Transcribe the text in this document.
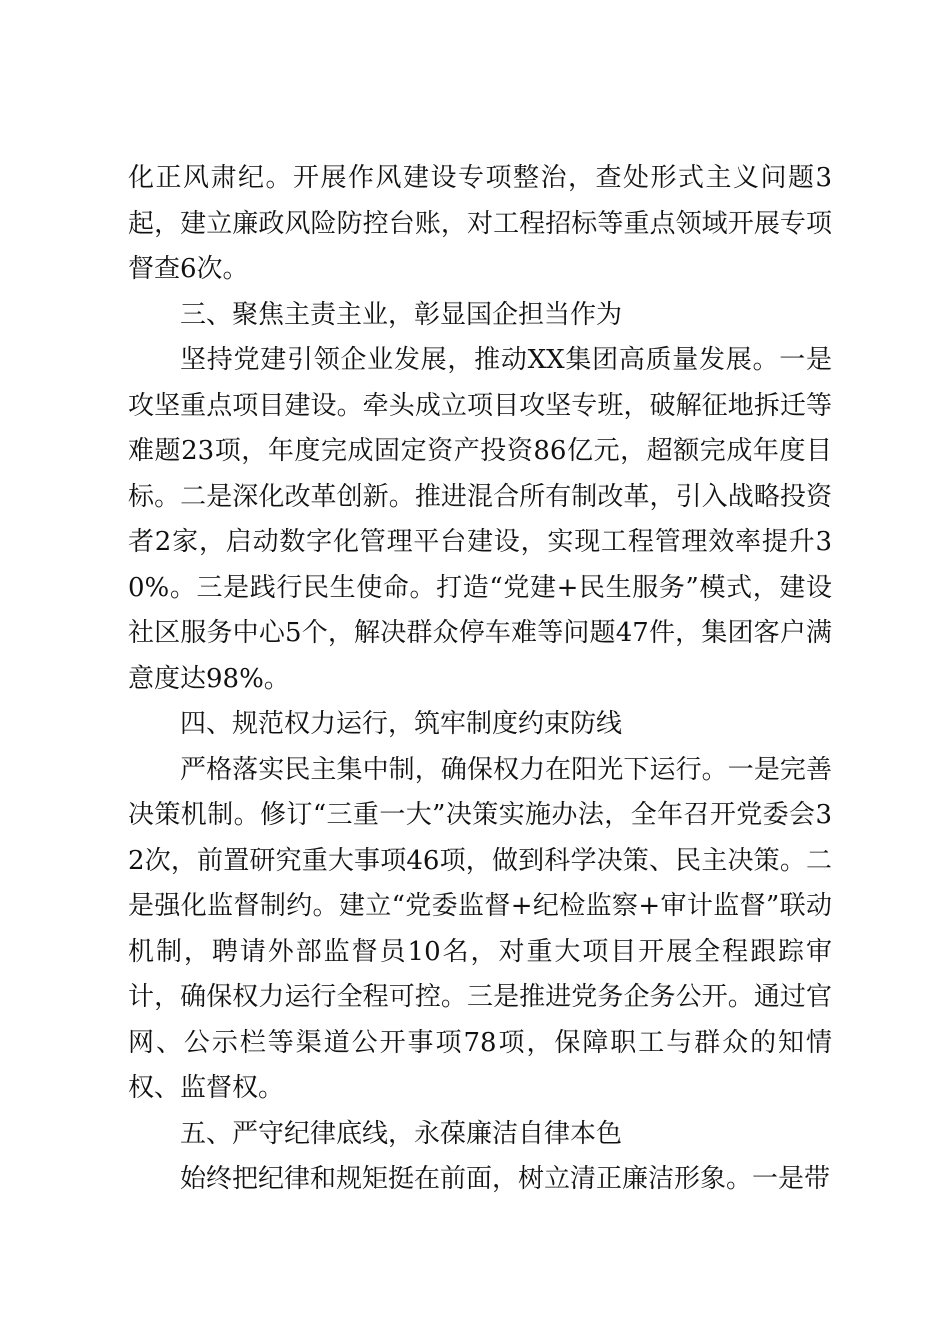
化正风肃纪。开展作风建设专项整治，查处形式主义问题3起，建立廉政风险防控台账，对工程招标等重点领域开展专项督查6次。

三、聚焦主责主业，彰显国企担当作为

坚持党建引领企业发展，推动XX集团高质量发展。一是攻坚重点项目建设。牵头成立项目攻坚专班，破解征地拆迁等难题23项，年度完成固定资产投资86亿元，超额完成年度目标。二是深化改革创新。推进混合所有制改革，引入战略投资者2家，启动数字化管理平台建设，实现工程管理效率提升30%。三是践行民生使命。打造“党建+民生服务”模式，建设社区服务中心5个，解决群众停车难等问题47件，集团客户满意度达98%。

四、规范权力运行，筑牢制度约束防线

严格落实民主集中制，确保权力在阳光下运行。一是完善决策机制。修订“三重一大”决策实施办法，全年召开党委会32次，前置研究重大事项46项，做到科学决策、民主决策。二是强化监督制约。建立“党委监督+纪检监察+审计监督”联动机制，聘请外部监督员10名，对重大项目开展全程跟踪审计，确保权力运行全程可控。三是推进党务企务公开。通过官网、公示栏等渠道公开事项78项，保障职工与群众的知情权、监督权。

五、严守纪律底线，永葆廉洁自律本色

始终把纪律和规矩挺在前面，树立清正廉洁形象。一是带
